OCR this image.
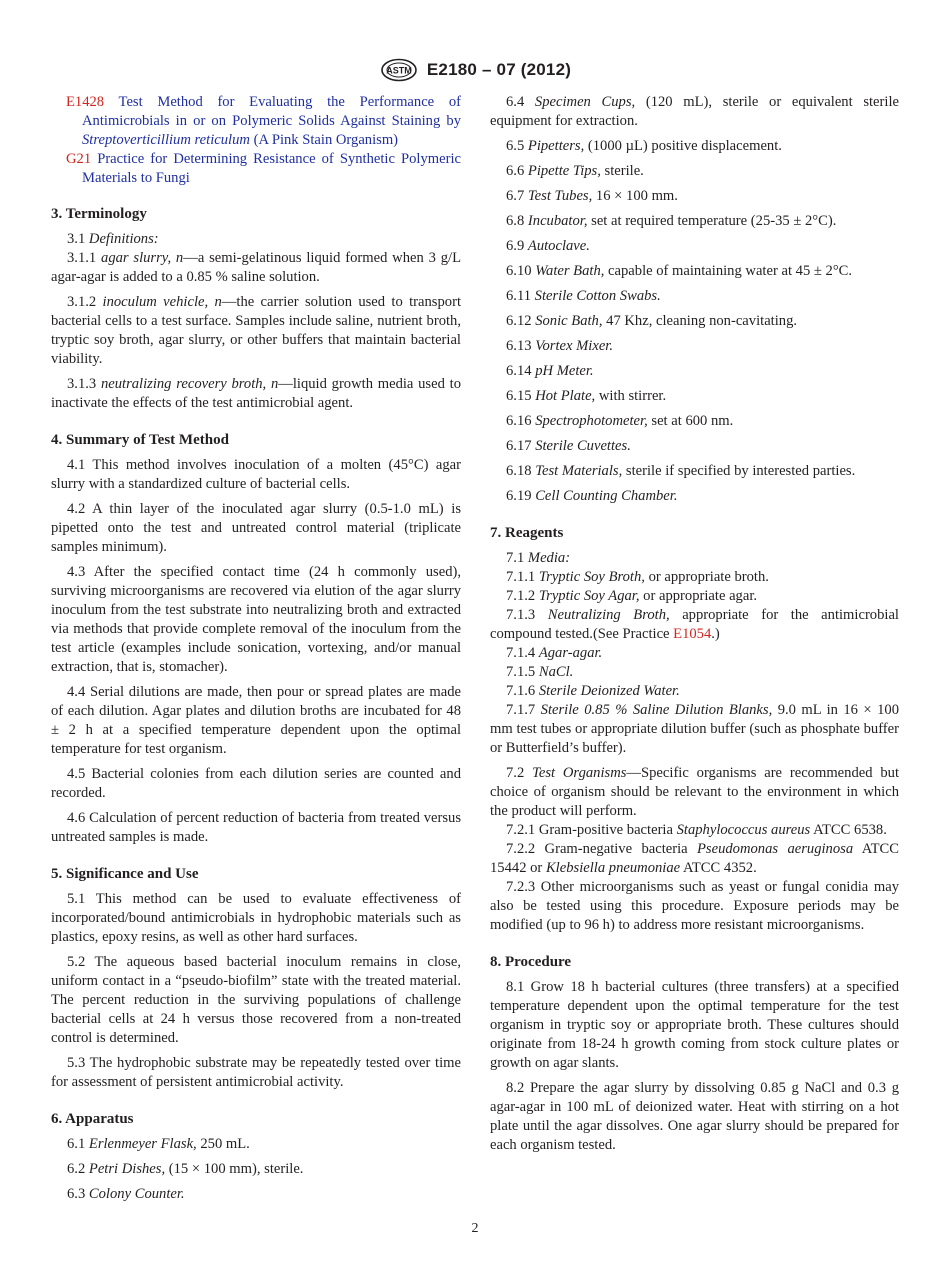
ASTM E2180 – 07 (2012)

E1428 Test Method for Evaluating the Performance of Antimicrobials in or on Polymeric Solids Against Staining by Streptoverticillium reticulum (A Pink Stain Organism)

G21 Practice for Determining Resistance of Synthetic Polymeric Materials to Fungi

3. Terminology

3.1 Definitions:

3.1.1 agar slurry, n—a semi-gelatinous liquid formed when 3 g/L agar-agar is added to a 0.85 % saline solution.

3.1.2 inoculum vehicle, n—the carrier solution used to transport bacterial cells to a test surface. Samples include saline, nutrient broth, tryptic soy broth, agar slurry, or other buffers that maintain bacterial viability.

3.1.3 neutralizing recovery broth, n—liquid growth media used to inactivate the effects of the test antimicrobial agent.

4. Summary of Test Method

4.1 This method involves inoculation of a molten (45°C) agar slurry with a standardized culture of bacterial cells.

4.2 A thin layer of the inoculated agar slurry (0.5-1.0 mL) is pipetted onto the test and untreated control material (triplicate samples minimum).

4.3 After the specified contact time (24 h commonly used), surviving microorganisms are recovered via elution of the agar slurry inoculum from the test substrate into neutralizing broth and extracted via methods that provide complete removal of the inoculum from the test article (examples include sonication, vortexing, and/or manual extraction, that is, stomacher).

4.4 Serial dilutions are made, then pour or spread plates are made of each dilution. Agar plates and dilution broths are incubated for 48 ± 2 h at a specified temperature dependent upon the optimal temperature for test organism.

4.5 Bacterial colonies from each dilution series are counted and recorded.

4.6 Calculation of percent reduction of bacteria from treated versus untreated samples is made.

5. Significance and Use

5.1 This method can be used to evaluate effectiveness of incorporated/bound antimicrobials in hydrophobic materials such as plastics, epoxy resins, as well as other hard surfaces.

5.2 The aqueous based bacterial inoculum remains in close, uniform contact in a “pseudo-biofilm” state with the treated material. The percent reduction in the surviving populations of challenge bacterial cells at 24 h versus those recovered from a non-treated control is determined.

5.3 The hydrophobic substrate may be repeatedly tested over time for assessment of persistent antimicrobial activity.

6. Apparatus

6.1 Erlenmeyer Flask, 250 mL.

6.2 Petri Dishes, (15 × 100 mm), sterile.

6.3 Colony Counter.

6.4 Specimen Cups, (120 mL), sterile or equivalent sterile equipment for extraction.

6.5 Pipetters, (1000 µL) positive displacement.

6.6 Pipette Tips, sterile.

6.7 Test Tubes, 16 × 100 mm.

6.8 Incubator, set at required temperature (25-35 ± 2°C).

6.9 Autoclave.

6.10 Water Bath, capable of maintaining water at 45 ± 2°C.

6.11 Sterile Cotton Swabs.

6.12 Sonic Bath, 47 Khz, cleaning non-cavitating.

6.13 Vortex Mixer.

6.14 pH Meter.

6.15 Hot Plate, with stirrer.

6.16 Spectrophotometer, set at 600 nm.

6.17 Sterile Cuvettes.

6.18 Test Materials, sterile if specified by interested parties.

6.19 Cell Counting Chamber.

7. Reagents

7.1 Media:

7.1.1 Tryptic Soy Broth, or appropriate broth.

7.1.2 Tryptic Soy Agar, or appropriate agar.

7.1.3 Neutralizing Broth, appropriate for the antimicrobial compound tested.(See Practice E1054.)

7.1.4 Agar-agar.

7.1.5 NaCl.

7.1.6 Sterile Deionized Water.

7.1.7 Sterile 0.85 % Saline Dilution Blanks, 9.0 mL in 16 × 100 mm test tubes or appropriate dilution buffer (such as phosphate buffer or Butterfield’s buffer).

7.2 Test Organisms—Specific organisms are recommended but choice of organism should be relevant to the environment in which the product will perform.

7.2.1 Gram-positive bacteria Staphylococcus aureus ATCC 6538.

7.2.2 Gram-negative bacteria Pseudomonas aeruginosa ATCC 15442 or Klebsiella pneumoniae ATCC 4352.

7.2.3 Other microorganisms such as yeast or fungal conidia may also be tested using this procedure. Exposure periods may be modified (up to 96 h) to address more resistant microorganisms.

8. Procedure

8.1 Grow 18 h bacterial cultures (three transfers) at a specified temperature dependent upon the optimal temperature for the test organism in tryptic soy or appropriate broth. These cultures should originate from 18-24 h growth coming from stock culture plates or growth on agar slants.

8.2 Prepare the agar slurry by dissolving 0.85 g NaCl and 0.3 g agar-agar in 100 mL of deionized water. Heat with stirring on a hot plate until the agar dissolves. One agar slurry should be prepared for each organism tested.

2
